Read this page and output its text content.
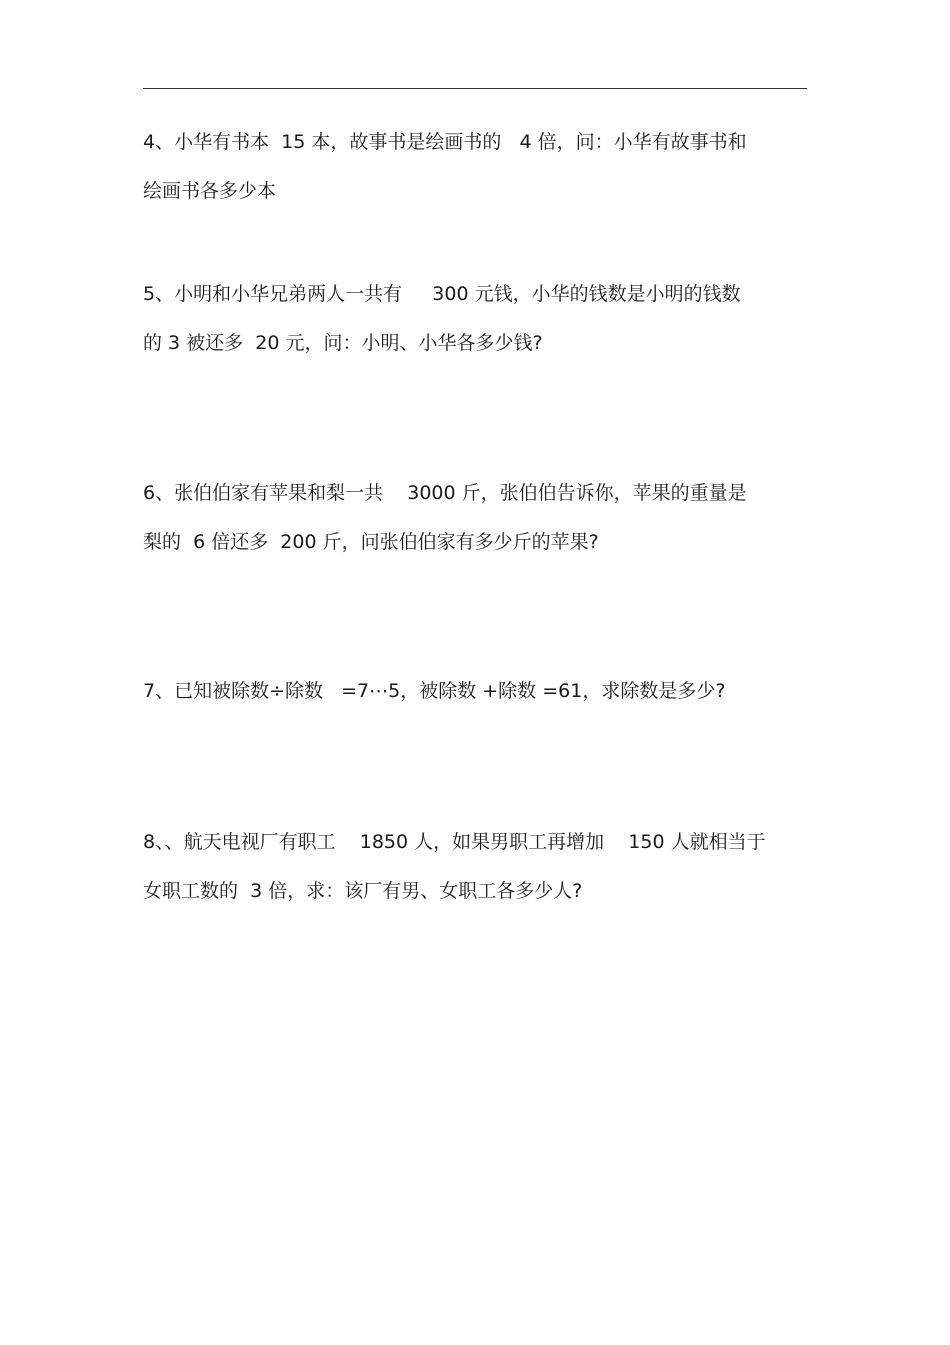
4、小华有书本  15 本，故事书是绘画书的   4 倍，问：小华有故事书和
绘画书各多少本
5、小明和小华兄弟两人一共有     300 元钱，小华的钱数是小明的钱数
的 3 被还多  20 元，问：小明、小华各多少钱?
6、张伯伯家有苹果和梨一共    3000 斤，张伯伯告诉你，苹果的重量是
梨的  6 倍还多  200 斤，问张伯伯家有多少斤的苹果?
7、已知被除数÷除数   =7⋯5，被除数 +除数 =61，求除数是多少?
8、、航天电视厂有职工    1850 人，如果男职工再增加    150 人就相当于
女职工数的  3 倍，求：该厂有男、女职工各多少人?
